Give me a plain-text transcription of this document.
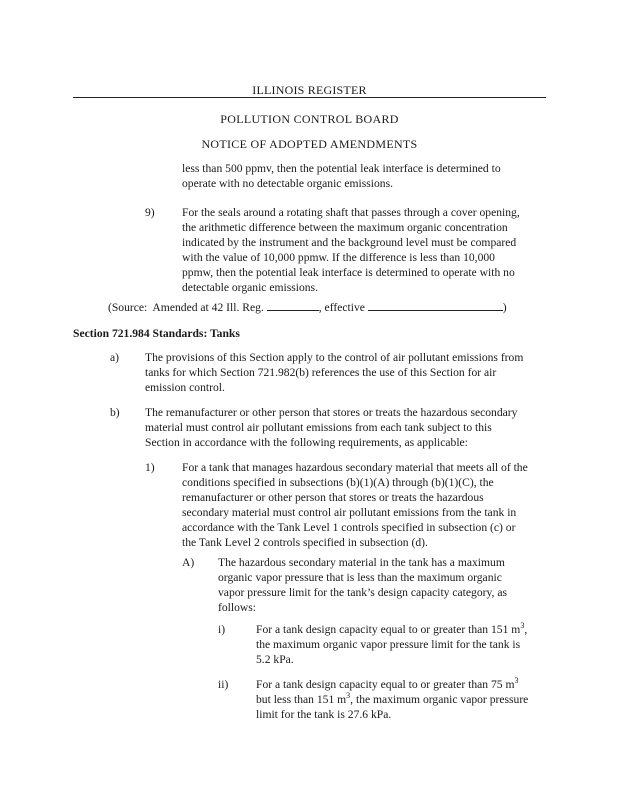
ILLINOIS REGISTER
POLLUTION CONTROL BOARD
NOTICE OF ADOPTED AMENDMENTS
less than 500 ppmv, then the potential leak interface is determined to
operate with no detectable organic emissions.
9) For the seals around a rotating shaft that passes through a cover opening,
the arithmetic difference between the maximum organic concentration
indicated by the instrument and the background level must be compared
with the value of 10,000 ppmw. If the difference is less than 10,000
ppmw, then the potential leak interface is determined to operate with no
detectable organic emissions.
(Source:  Amended at 42 Ill. Reg.	, effective	)
Section 721.984 Standards: Tanks
a) The provisions of this Section apply to the control of air pollutant emissions from
tanks for which Section 721.982(b) references the use of this Section for air
emission control.
b) The remanufacturer or other person that stores or treats the hazardous secondary
material must control air pollutant emissions from each tank subject to this
Section in accordance with the following requirements, as applicable:
1) For a tank that manages hazardous secondary material that meets all of the
conditions specified in subsections (b)(1)(A) through (b)(1)(C), the
remanufacturer or other person that stores or treats the hazardous
secondary material must control air pollutant emissions from the tank in
accordance with the Tank Level 1 controls specified in subsection (c) or
the Tank Level 2 controls specified in subsection (d).
A) The hazardous secondary material in the tank has a maximum
organic vapor pressure that is less than the maximum organic
vapor pressure limit for the tank’s design capacity category, as
follows:
i)	For a tank design capacity equal to or greater than 151 $m^3$,
the maximum organic vapor pressure limit for the tank is
5.2 kPa.
ii) For a tank design capacity equal to or greater than 75 $m^3$
but less than 151 $m^3$, the maximum organic vapor pressure
limit for the tank is 27.6 kPa.
